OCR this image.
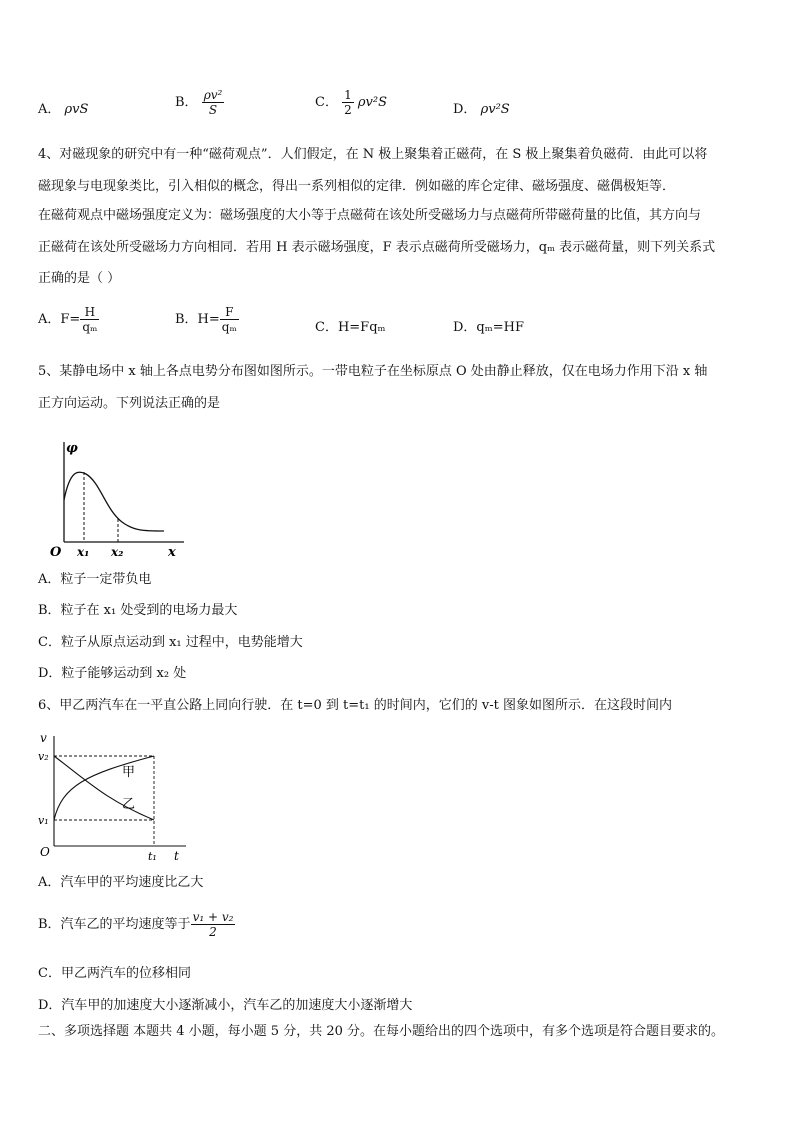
A． ρvS	B． $\frac{\text{ρv²}}{S}$	C． $\frac{1}{2} \rho v^2S$	D． ρv²S
4、对磁现象的研究中有一种“磁荷观点”．人们假定，在 N 极上聚集着正磁荷，在 S 极上聚集着负磁荷．由此可以将
磁现象与电现象类比，引入相似的概念，得出一系列相似的定律．例如磁的库仑定律、磁场强度、磁偶极矩等．
在磁荷观点中磁场强度定义为：磁场强度的大小等于点磁荷在该处所受磁场力与点磁荷所带磁荷量的比值，其方向与
正磁荷在该处所受磁场力方向相同．若用 H 表示磁场强度，F 表示点磁荷所受磁场力，qₘ 表示磁荷量，则下列关系式
正确的是（ ）
A．$F= \frac{H}{\text{qₘ}}$	B．$H= \frac{F}{\text{qₘ}}$	C．H=Fqₘ	D．qₘ=HF
5、某静电场中 x 轴上各点电势分布图如图所示。一带电粒子在坐标原点 O 处由静止释放，仅在电场力作用下沿 x 轴
正方向运动。下列说法正确的是
φ
O x₁ x₂	x
A．粒子一定带负电
B．粒子在 x₁ 处受到的电场力最大
C．粒子从原点运动到 x₁ 过程中，电势能增大
D．粒子能够运动到 x₂ 处
6、甲乙两汽车在一平直公路上同向行驶．在 t=0 到 t=t₁ 的时间内，它们的 v-t 图象如图所示．在这段时间内
v
v₂
v₁
O	t₁ t
甲
乙
A．汽车甲的平均速度比乙大
B．汽车乙的平均速度等于 $\frac{\text{v₁ + v₂}}{2}$
C．甲乙两汽车的位移相同
D．汽车甲的加速度大小逐渐减小，汽车乙的加速度大小逐渐增大
二、多项选择题 本题共 4 小题，每小题 5 分，共 20 分。在每小题给出的四个选项中，有多个选项是符合题目要求的。
